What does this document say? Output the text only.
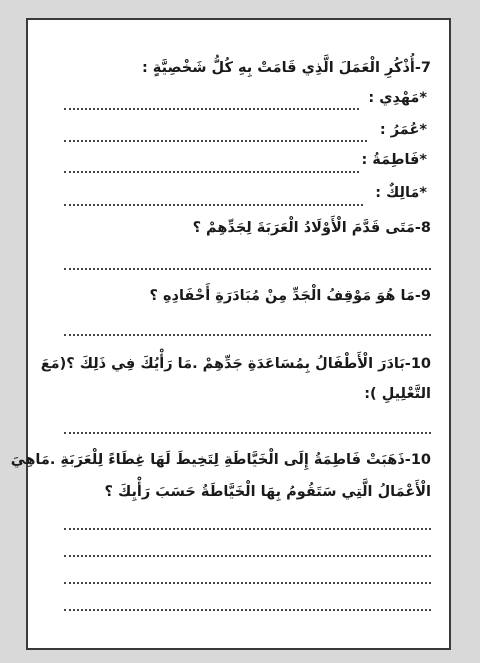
7-أُذْكُرِ الْعَمَلَ الَّذِي قَامَتْ بِهِ كُلُّ شَخْصِيَّةٍ :
*مَهْدِي :
*عُمَرُ :
*فَاطِمَةُ :
*مَالِكٌ :
8-مَتَى قَدَّمَ الْأَوْلَادُ الْعَرَبَةَ لِجَدِّهِمْ ؟
9-مَا هُوَ مَوْقِفُ الْجَدِّ مِنْ مُبَادَرَةِ أَحْفَادِهِ ؟
10-بَادَرَ الْأَطْفَالُ بِمُسَاعَدَةِ جَدِّهِمْ .مَا رَأْيُكَ فِي ذَلِكَ ؟(مَعَ
التَّعْلِيلِ ):
10-ذَهَبَتْ فَاطِمَةُ إِلَى الْخَيَّاطَةِ لِتَخِيطَ لَهَا غِطَاءً لِلْعَرَبَةِ .مَاهِيَ
الْأَعْمَالُ الَّتِي سَتَقُومُ بِهَا الْخَيَّاطَةُ حَسَبَ رَأْيِكَ ؟
